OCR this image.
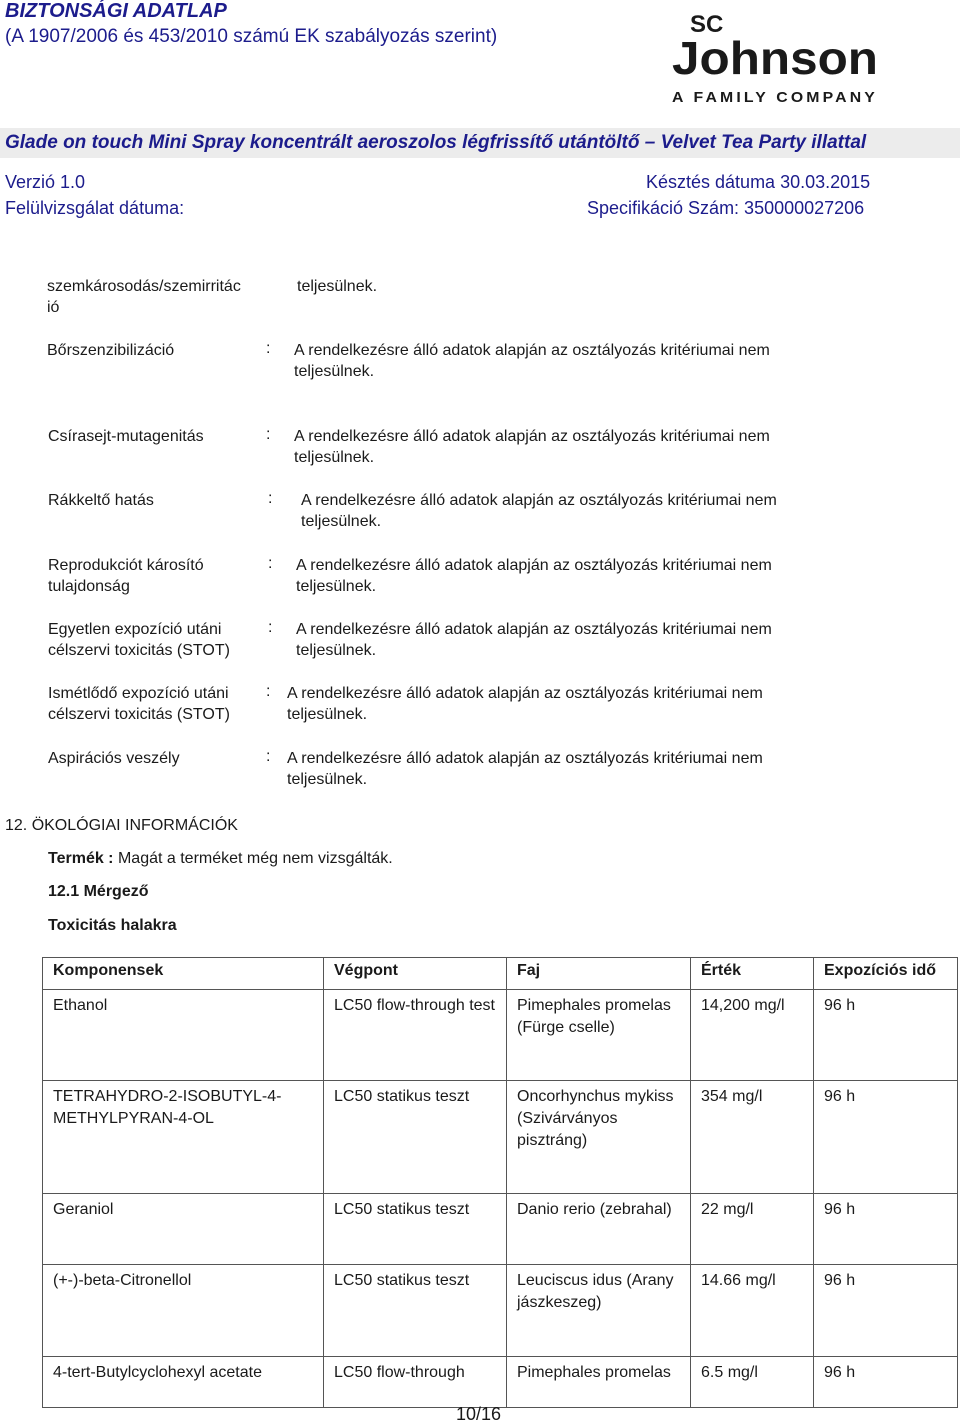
BIZTONSÁGI ADATLAP
(A 1907/2006 és 453/2010 számú EK szabályozás szerint)	SC
Johnson
A FAMILY COMPANY
Glade on touch Mini Spray koncentrált aeroszolos légfrissítő utántöltő – Velvet Tea Party illattal
Verzió 1.0	Késztés dátuma 30.03.2015
Felülvizsgálat dátuma:	Specifikáció Szám: 350000027206
szemkárosodás/szemirritác ió
teljesülnek.
Bőrszenzibilizáció	: A rendelkezésre álló adatok alapján az osztályozás kritériumai nem teljesülnek.
Csírasejt-mutagenitás	: A rendelkezésre álló adatok alapján az osztályozás kritériumai nem teljesülnek.
Rákkeltő hatás	: A rendelkezésre álló adatok alapján az osztályozás kritériumai nem teljesülnek.
Reprodukciót károsító tulajdonság
: A rendelkezésre álló adatok alapján az osztályozás kritériumai nem teljesülnek.
Egyetlen expozíció utáni célszervi toxicitás (STOT)
: A rendelkezésre álló adatok alapján az osztályozás kritériumai nem teljesülnek.
Ismétlődő expozíció utáni célszervi toxicitás (STOT)
: A rendelkezésre álló adatok alapján az osztályozás kritériumai nem teljesülnek.
Aspirációs veszély	: A rendelkezésre álló adatok alapján az osztályozás kritériumai nem teljesülnek.
12. ÖKOLÓGIAI INFORMÁCIÓK
Termék : Magát a terméket még nem vizsgálták.
12.1 Mérgező
Toxicitás halakra
Komponensek	Végpont	Faj	Érték	Expozíciós idő
Ethanol	LC50 flow-through test	Pimephales promelas (Fürge cselle)	14,200 mg/l	96 h
TETRAHYDRO-2-ISOBUTYL-4-METHYLPYRAN-4-OL	LC50 statikus teszt	Oncorhynchus mykiss (Szivárványos pisztráng)	354 mg/l	96 h
Geraniol	LC50 statikus teszt	Danio rerio (zebrahal)	22 mg/l	96 h
(+-)-beta-Citronellol	LC50 statikus teszt	Leuciscus idus (Arany jászkeszeg)	14.66 mg/l	96 h
4-tert-Butylcyclohexyl acetate	LC50 flow-through	Pimephales promelas	6.5 mg/l	96 h
10/16
